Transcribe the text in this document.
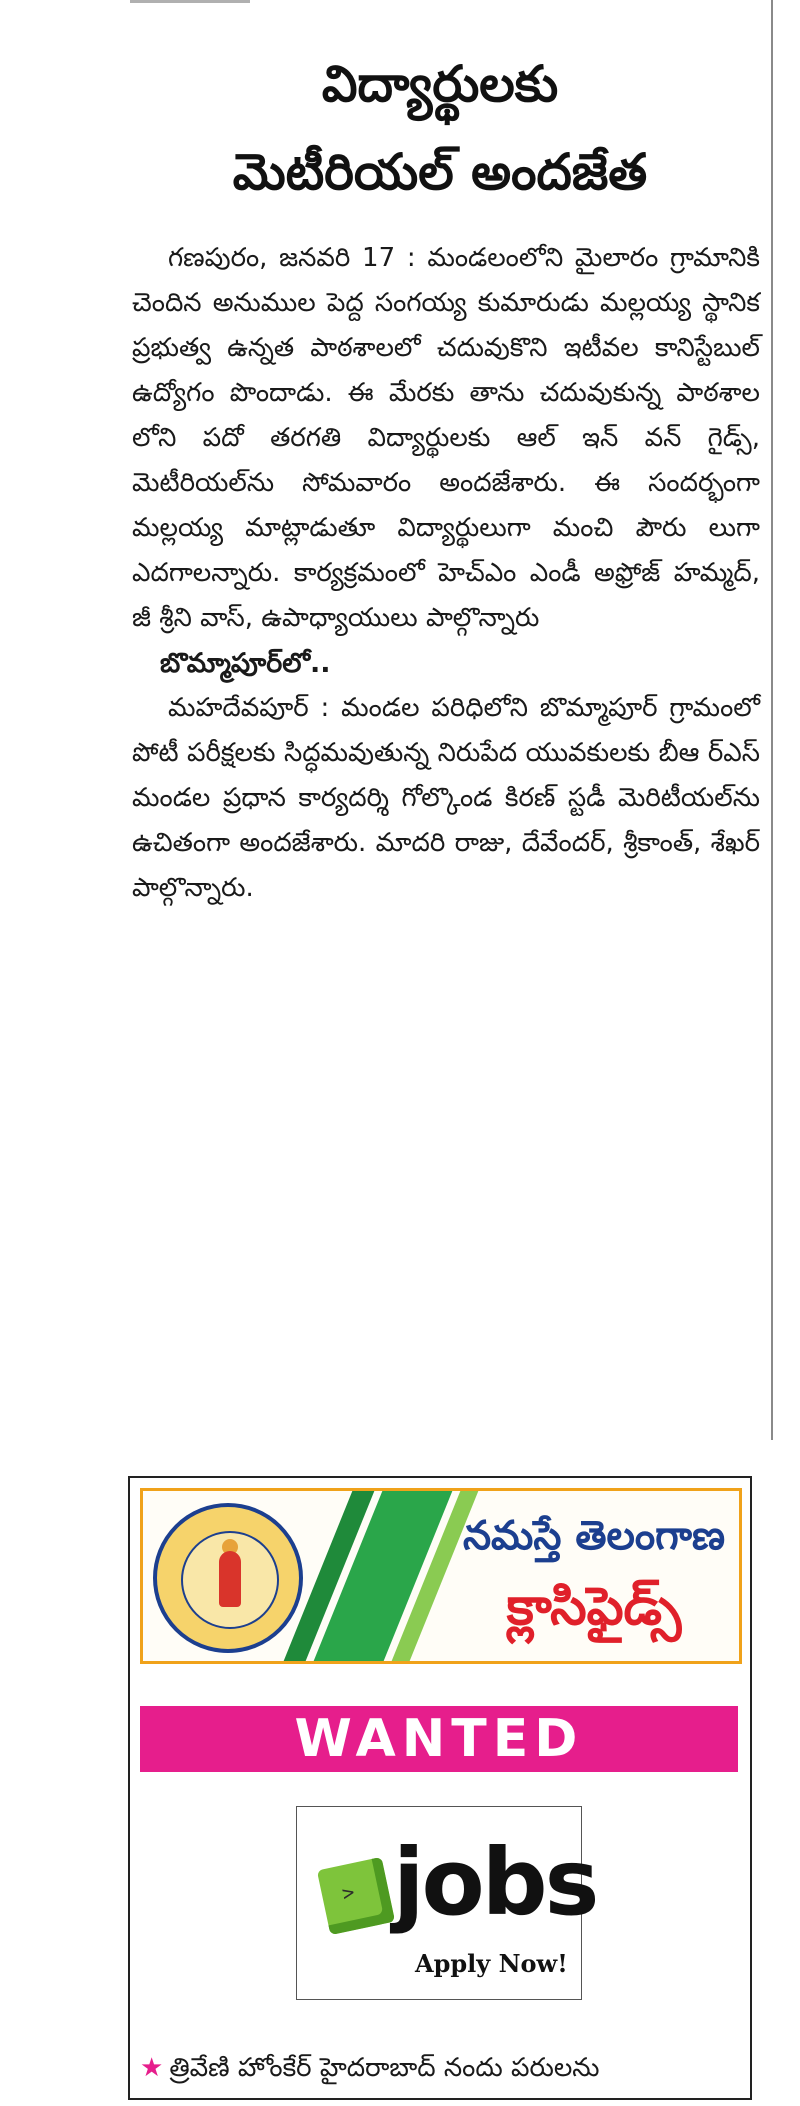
విద్యార్థులకు
మెటీరియల్ అందజేత

గణపురం, జనవరి 17 : మండలంలోని మైలారం గ్రామానికి చెందిన అనుముల పెద్ద సంగయ్య కుమారుడు మల్లయ్య స్థానిక ప్రభుత్వ ఉన్నత పాఠశాలలో చదువుకొని ఇటీవల కానిస్టేబుల్ ఉద్యోగం పొందాడు. ఈ మేరకు తాను చదువుకున్న పాఠశాల లోని పదో తరగతి విద్యార్థులకు ఆల్ ఇన్ వన్ గైడ్స్, మెటీరియల్‌ను సోమవారం అందజేశారు. ఈ సందర్భంగా మల్లయ్య మాట్లాడుతూ విద్యార్థులుగా మంచి పౌరు లుగా ఎదగాలన్నారు. కార్యక్రమంలో హెచ్‌ఎం ఎండీ అఫ్రోజ్ హమ్మద్, జీ శ్రీని వాస్, ఉపాధ్యాయులు పాల్గొన్నారు

బొమ్మాపూర్‌లో..

మహదేవపూర్ : మండల పరిధిలోని బొమ్మాపూర్ గ్రామంలో పోటీ పరీక్షలకు సిద్ధమవుతున్న నిరుపేద యువకులకు బీఆ ర్‌ఎస్ మండల ప్రధాన కార్యదర్శి గోల్కొండ కిరణ్ స్టడీ మెరిటీయల్‌ను ఉచితంగా అందజేశారు. మాదరి రాజు, దేవేందర్, శ్రీకాంత్, శేఖర్ పాల్గొన్నారు.

నమస్తే తెలంగాణ
క్లాసిఫైడ్స్
WANTED
> jobs
Apply Now!
★ త్రివేణి హోంకేర్ హైదరాబాద్ నందు పరులను
